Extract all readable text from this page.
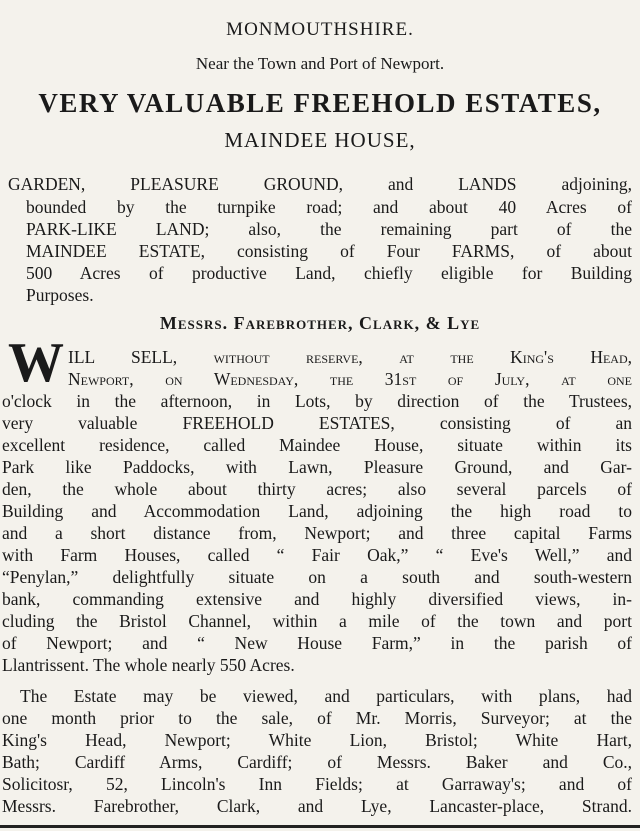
MONMOUTHSHIRE.
Near the Town and Port of Newport.
VERY VALUABLE FREEHOLD ESTATES,
MAINDEE HOUSE,
GARDEN, PLEASURE GROUND, and LANDS adjoining,
bounded by the turnpike road; and about 40 Acres of
PARK-LIKE LAND; also, the remaining part of the
MAINDEE ESTATE, consisting of Four FARMS, of about
500 Acres of productive Land, chiefly eligible for Building
Purposes.
Messrs. Farebrother, Clark, & Lye
W ILL SELL, without reserve, at the King's Head,
Newport, on Wednesday, the 31st of July, at one
o'clock in the afternoon, in Lots, by direction of the Trustees,
very valuable FREEHOLD ESTATES, consisting of an
excellent residence, called Maindee House, situate within its
Park like Paddocks, with Lawn, Pleasure Ground, and Gar-
den, the whole about thirty acres; also several parcels of
Building and Accommodation Land, adjoining the high road to
and a short distance from, Newport; and three capital Farms
with Farm Houses, called “ Fair Oak,” “ Eve's Well,” and
“Penylan,” delightfully situate on a south and south-western
bank, commanding extensive and highly diversified views, in-
cluding the Bristol Channel, within a mile of the town and port
of Newport; and “ New House Farm,” in the parish of
Llantrissent. The whole nearly 550 Acres.
The Estate may be viewed, and particulars, with plans, had
one month prior to the sale, of Mr. Morris, Surveyor; at the
King's Head, Newport; White Lion, Bristol; White Hart,
Bath; Cardiff Arms, Cardiff; of Messrs. Baker and Co.,
Solicitosr, 52, Lincoln's Inn Fields; at Garraway's; and of
Messrs. Farebrother, Clark, and Lye, Lancaster-place, Strand.
